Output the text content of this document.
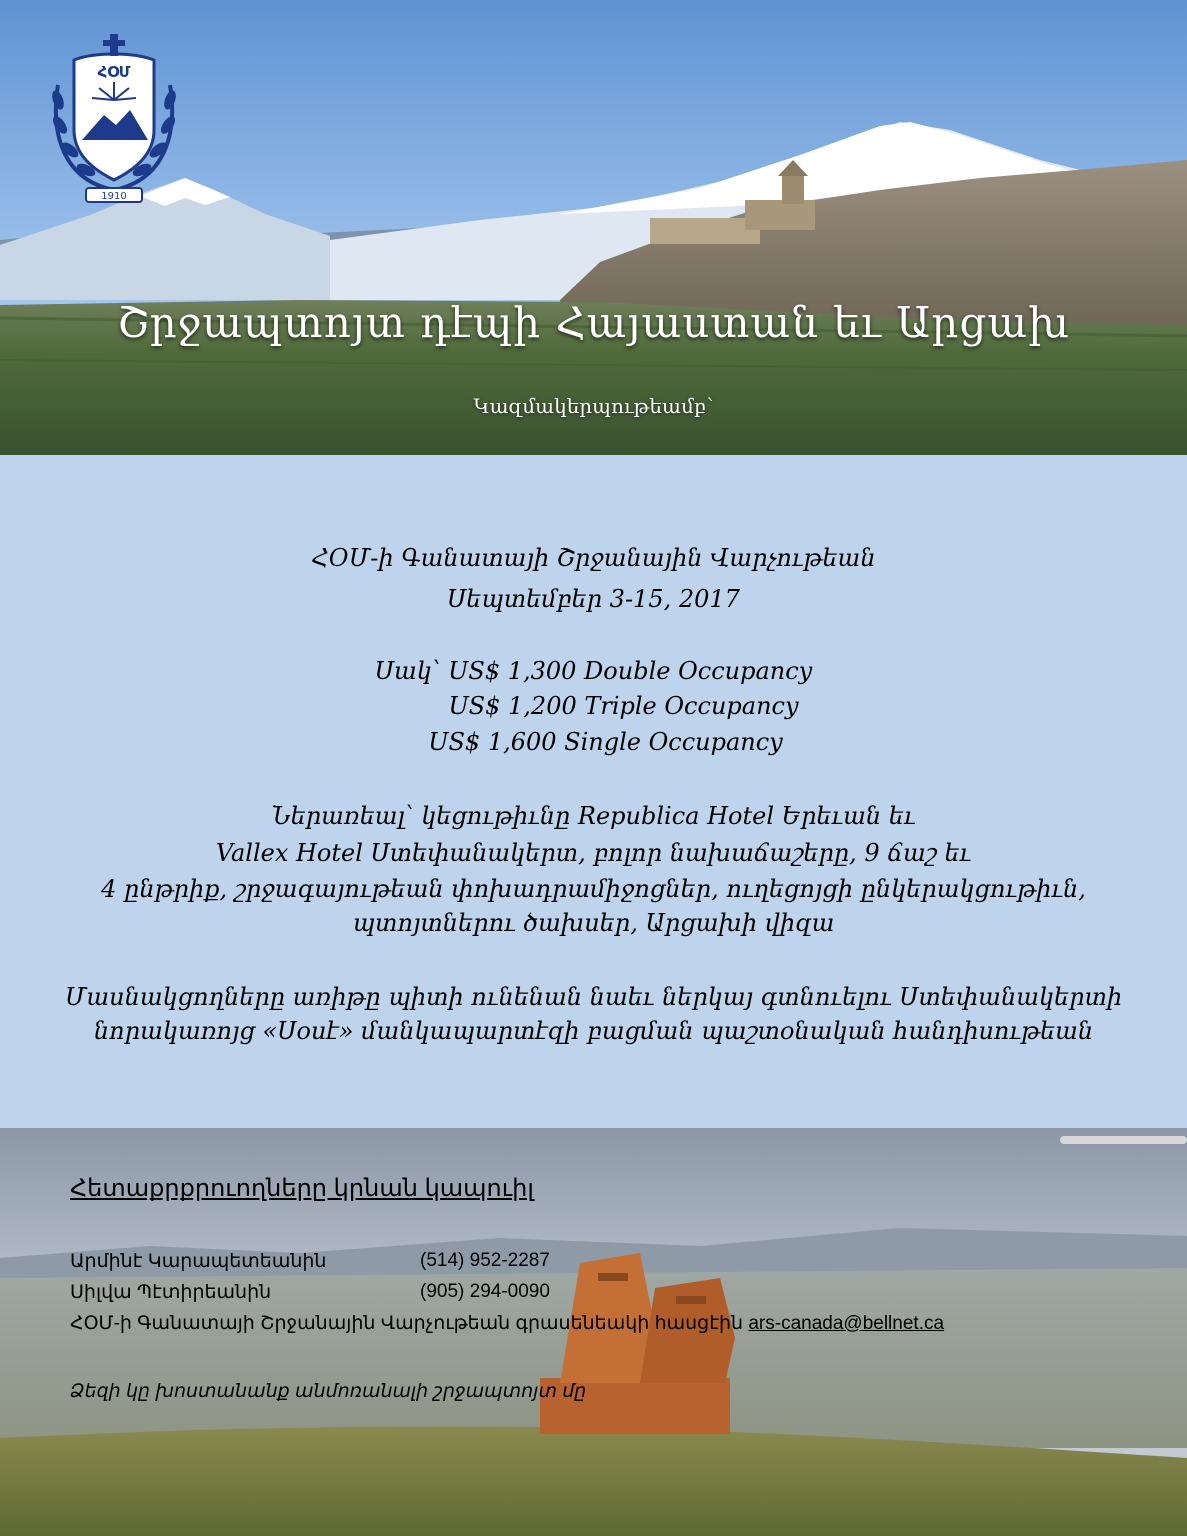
ՀՕՄ
1910
Շրջապտոյտ դէպի Հայաստան եւ Արցախ
Կազմակերպութեամբ՝
ՀՕՄ-ի Գանատայի Շրջանային Վարչութեան
Սեպտեմբեր 3-15, 2017
Սակ՝ US$ 1,300 Double Occupancy
US$ 1,200 Triple Occupancy
US$ 1,600 Single Occupancy
Ներառեալ՝ կեցութիւնը Republica Hotel Երեւան եւ
Vallex Hotel Ստեփանակերտ, բոլոր նախաճաշերը, 9 ճաշ եւ
4 ընթրիք, շրջագայութեան փոխադրամիջոցներ, ուղեցոյցի ընկերակցութիւն,
պտոյտներու ծախսեր, Արցախի վիզա
Մասնակցողները առիթը պիտի ունենան նաեւ ներկայ գտնուելու Ստեփանակերտի
նորակառոյց «Սօսէ» մանկապարտէզի բացման պաշտօնական հանդիսութեան
Հետաքրքրուողները կրնան կապուիլ
Արմինէ Կարապետեանին	(514) 952-2287
Սիլվա Պէտիրեանին	(905) 294-0090
ՀՕՄ-ի Գանատայի Շրջանային Վարչութեան գրասենեակի հասցէին ars-canada@bellnet.ca
Ձեզի կը խոստանանք անմոռանալի շրջապտոյտ մը
